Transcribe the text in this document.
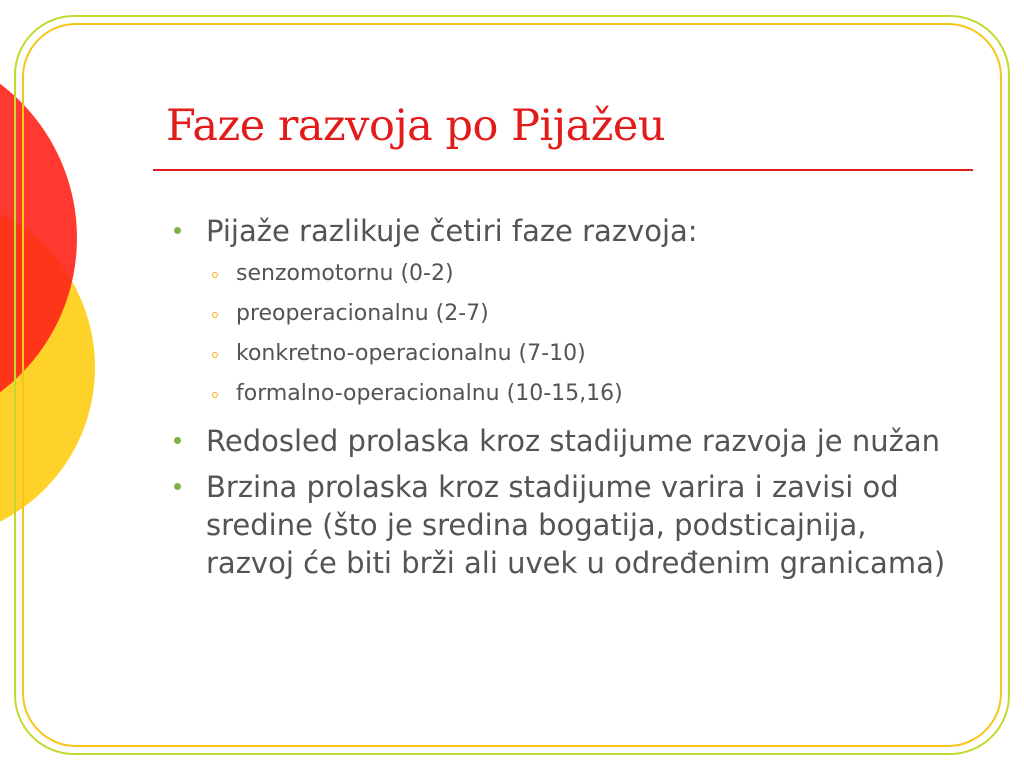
Faze razvoja po Pijažeu
Pijaže razlikuje četiri faze razvoja:
senzomotornu (0-2)
preoperacionalnu (2-7)
konkretno-operacionalnu (7-10)
formalno-operacionalnu (10-15,16)
Redosled prolaska kroz stadijume razvoja je nužan
Brzina prolaska kroz stadijume varira i zavisi od sredine (što je sredina bogatija, podsticajnija, razvoj će biti brži ali uvek u određenim granicama)
